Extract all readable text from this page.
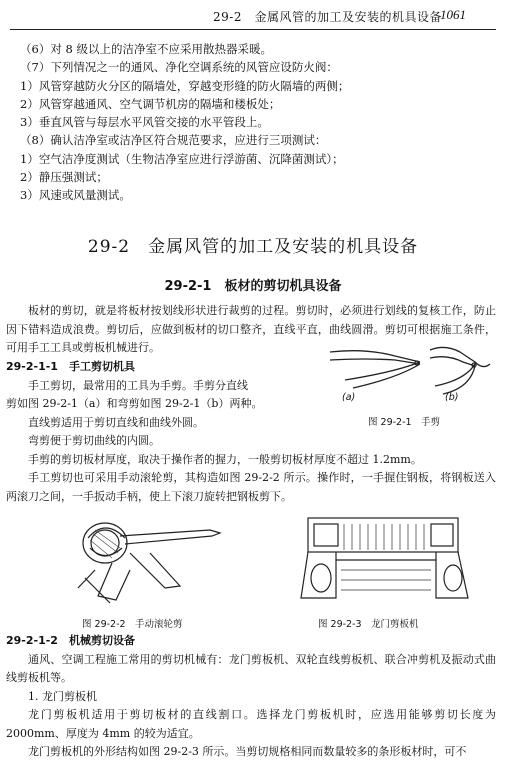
29-2　金属风管的加工及安装的机具设备
1061
（6）对 8 级以上的洁净室不应采用散热器采暖。
（7）下列情况之一的通风、净化空调系统的风管应设防火阀：
1）风管穿越防火分区的隔墙处，穿越变形缝的防火隔墙的两侧；
2）风管穿越通风、空气调节机房的隔墙和楼板处；
3）垂直风管与每层水平风管交接的水平管段上。
（8）确认洁净室或洁净区符合规范要求，应进行三项测试：
1）空气洁净度测试（生物洁净室应进行浮游菌、沉降菌测试）；
2）静压强测试；
3）风速或风量测试。
29-2　金属风管的加工及安装的机具设备
29-2-1　板材的剪切机具设备

板材的剪切，就是将板材按划线形状进行裁剪的过程。剪切时，必须进行划线的复核工作，防止因下错料造成浪费。剪切后，应做到板材的切口整齐，直线平直，曲线圆滑。剪切可根据施工条件，可用手工工具或剪板机械进行。

29-2-1-1　手工剪切机具

手工剪切，最常用的工具为手剪。手剪分直线

剪如图 29-2-1（a）和弯剪如图 29-2-1（b）两种。

直线剪适用于剪切直线和曲线外圆。

弯剪便于剪切曲线的内圆。

手剪的剪切板材厚度，取决于操作者的握力，一般剪切板材厚度不超过 1.2mm。

手工剪切也可采用手动滚轮剪，其构造如图 29-2-2 所示。操作时，一手握住钢板，将钢板送入两滚刀之间，一手扳动手柄，使上下滚刀旋转把钢板剪下。

(a)	(b)
图 29-2-1　手剪
图 29-2-2　手动滚轮剪	图 29-2-3　龙门剪板机

29-2-1-2　机械剪切设备

通风、空调工程施工常用的剪切机械有：龙门剪板机、双轮直线剪板机、联合冲剪机及振动式曲线剪板机等。

1. 龙门剪板机

龙门剪板机适用于剪切板材的直线割口。选择龙门剪板机时，应选用能够剪切长度为 2000mm、厚度为 4mm 的较为适宜。

龙门剪板机的外形结构如图 29-2-3 所示。当剪切规格相同而数量较多的条形板材时，可不
